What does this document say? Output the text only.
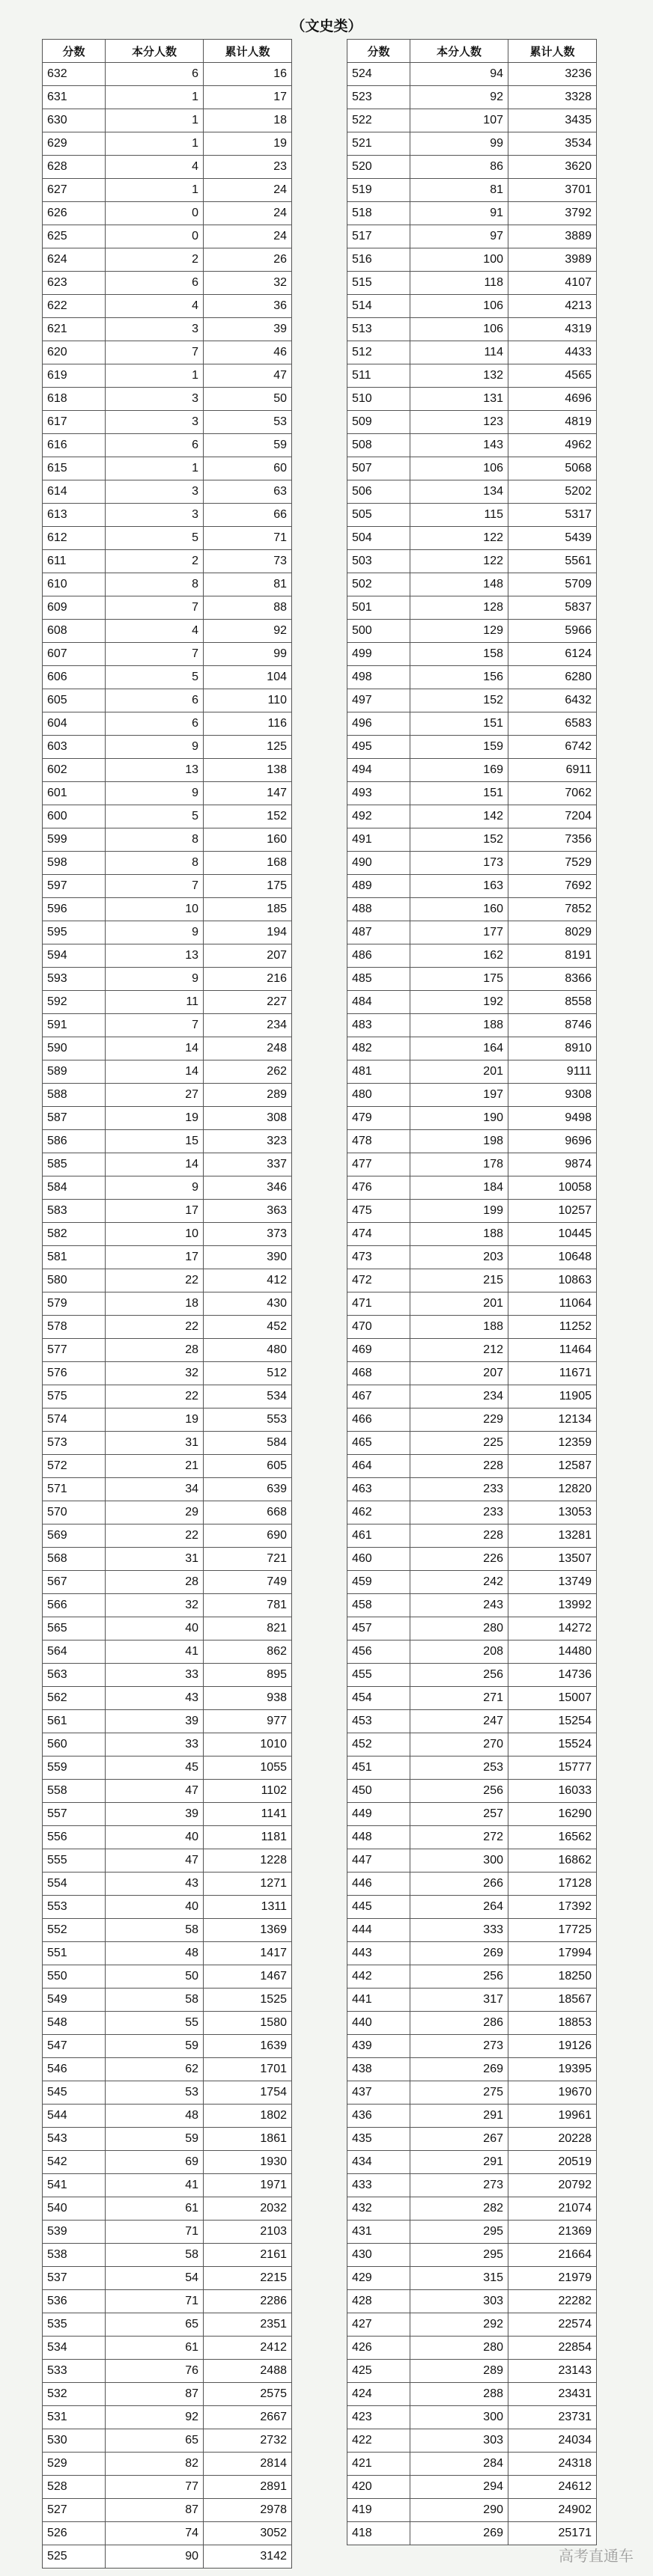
（文史类）
分数	本分人数	累计人数
632	6	16
631	1	17
630	1	18
629	1	19
628	4	23
627	1	24
626	0	24
625	0	24
624	2	26
623	6	32
622	4	36
621	3	39
620	7	46
619	1	47
618	3	50
617	3	53
616	6	59
615	1	60
614	3	63
613	3	66
612	5	71
611	2	73
610	8	81
609	7	88
608	4	92
607	7	99
606	5	104
605	6	110
604	6	116
603	9	125
602	13	138
601	9	147
600	5	152
599	8	160
598	8	168
597	7	175
596	10	185
595	9	194
594	13	207
593	9	216
592	11	227
591	7	234
590	14	248
589	14	262
588	27	289
587	19	308
586	15	323
585	14	337
584	9	346
583	17	363
582	10	373
581	17	390
580	22	412
579	18	430
578	22	452
577	28	480
576	32	512
575	22	534
574	19	553
573	31	584
572	21	605
571	34	639
570	29	668
569	22	690
568	31	721
567	28	749
566	32	781
565	40	821
564	41	862
563	33	895
562	43	938
561	39	977
560	33	1010
559	45	1055
558	47	1102
557	39	1141
556	40	1181
555	47	1228
554	43	1271
553	40	1311
552	58	1369
551	48	1417
550	50	1467
549	58	1525
548	55	1580
547	59	1639
546	62	1701
545	53	1754
544	48	1802
543	59	1861
542	69	1930
541	41	1971
540	61	2032
539	71	2103
538	58	2161
537	54	2215
536	71	2286
535	65	2351
534	61	2412
533	76	2488
532	87	2575
531	92	2667
530	65	2732
529	82	2814
528	77	2891
527	87	2978
526	74	3052
525	90	3142
分数	本分人数	累计人数
524	94	3236
523	92	3328
522	107	3435
521	99	3534
520	86	3620
519	81	3701
518	91	3792
517	97	3889
516	100	3989
515	118	4107
514	106	4213
513	106	4319
512	114	4433
511	132	4565
510	131	4696
509	123	4819
508	143	4962
507	106	5068
506	134	5202
505	115	5317
504	122	5439
503	122	5561
502	148	5709
501	128	5837
500	129	5966
499	158	6124
498	156	6280
497	152	6432
496	151	6583
495	159	6742
494	169	6911
493	151	7062
492	142	7204
491	152	7356
490	173	7529
489	163	7692
488	160	7852
487	177	8029
486	162	8191
485	175	8366
484	192	8558
483	188	8746
482	164	8910
481	201	9111
480	197	9308
479	190	9498
478	198	9696
477	178	9874
476	184	10058
475	199	10257
474	188	10445
473	203	10648
472	215	10863
471	201	11064
470	188	11252
469	212	11464
468	207	11671
467	234	11905
466	229	12134
465	225	12359
464	228	12587
463	233	12820
462	233	13053
461	228	13281
460	226	13507
459	242	13749
458	243	13992
457	280	14272
456	208	14480
455	256	14736
454	271	15007
453	247	15254
452	270	15524
451	253	15777
450	256	16033
449	257	16290
448	272	16562
447	300	16862
446	266	17128
445	264	17392
444	333	17725
443	269	17994
442	256	18250
441	317	18567
440	286	18853
439	273	19126
438	269	19395
437	275	19670
436	291	19961
435	267	20228
434	291	20519
433	273	20792
432	282	21074
431	295	21369
430	295	21664
429	315	21979
428	303	22282
427	292	22574
426	280	22854
425	289	23143
424	288	23431
423	300	23731
422	303	24034
421	284	24318
420	294	24612
419	290	24902
418	269	25171
高考直通车
